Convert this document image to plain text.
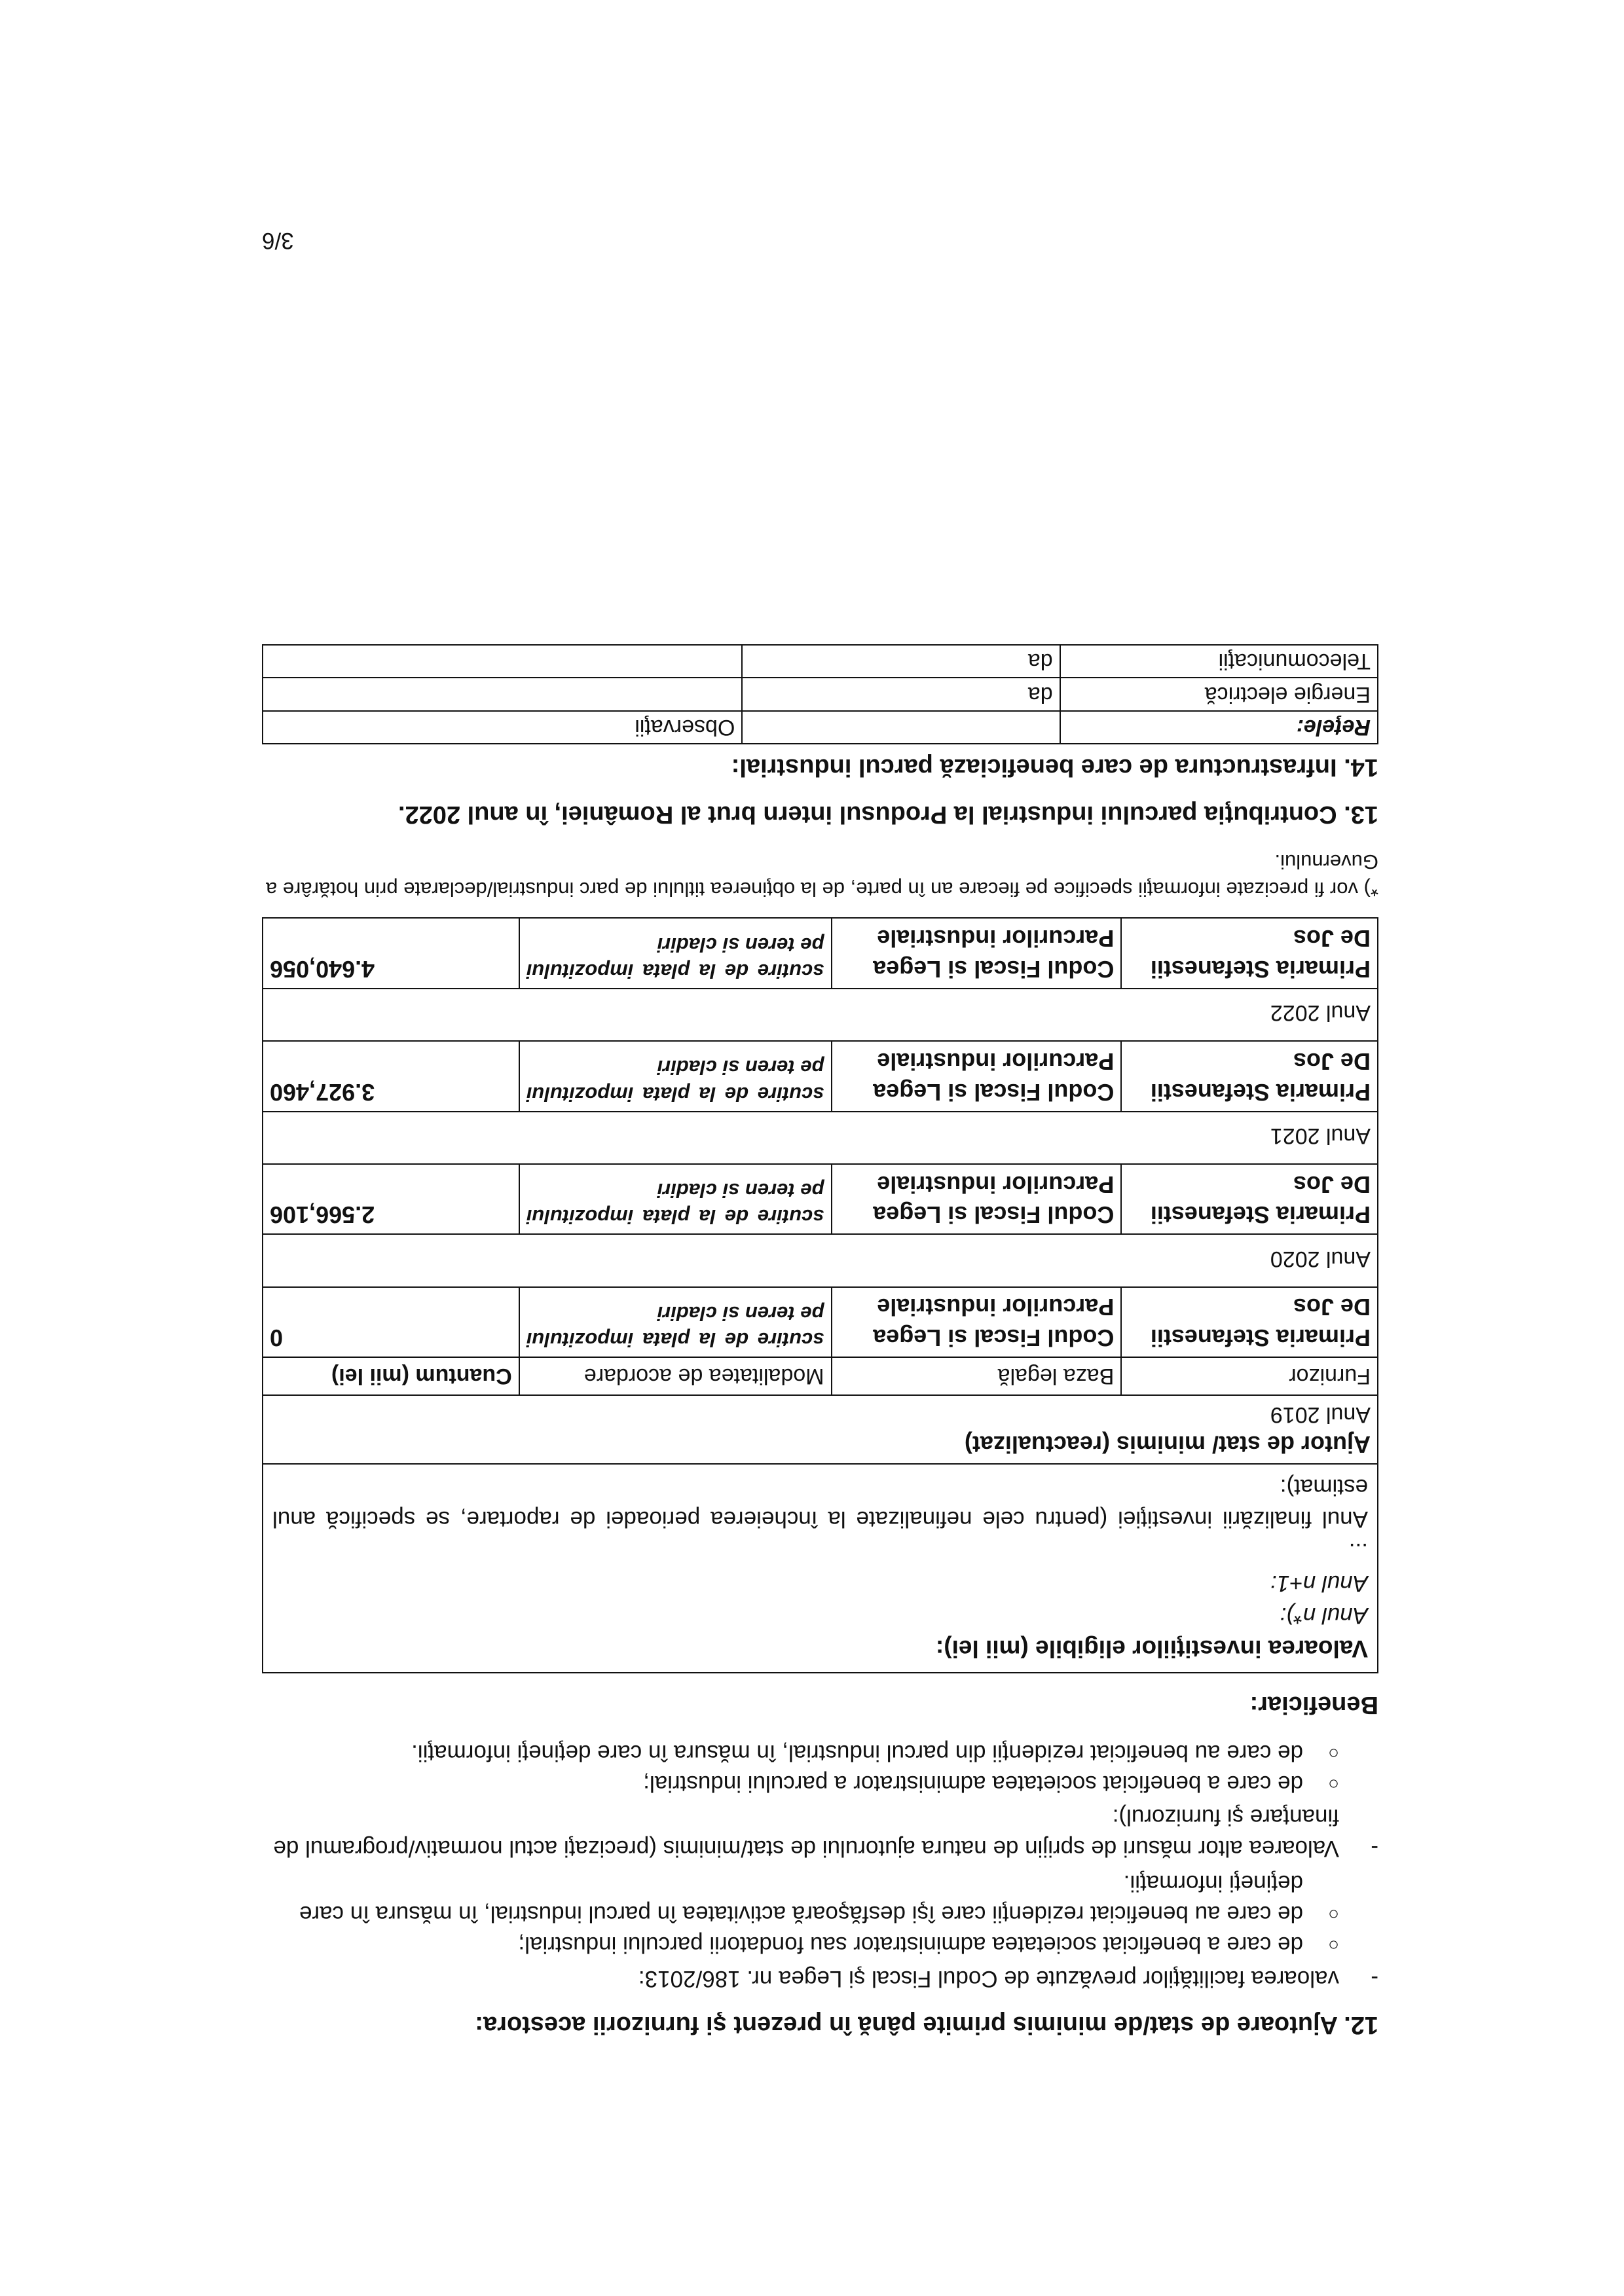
12. Ajutoare de stat/de minimis primite până în prezent şi furnizorii acestora:
-
valoarea facilităţilor prevăzute de Codul Fiscal şi Legea nr. 186/2013:
○
de care a beneficiat societatea administrator sau fondatorii parcului industrial;
○
de care au beneficiat rezidenţii care îşi desfăşoară activitatea în parcul industrial, în măsura în care deţineţi informaţii.
-
Valoarea altor măsuri de sprijin de natura ajutorului de stat/minimis (precizaţi actul normativ/programul de finanţare şi furnizorul):
○
de care a beneficiat societatea administrator a parcului industrial;
○
de care au beneficiat rezidenţii din parcul industrial, în măsura în care deţineţi informaţii.
Beneficiar:
Valoarea investiţiilor eligibile (mii lei):
Anul n*):
Anul n+1:
...
Anul finalizării investiţiei (pentru cele nefinalizate la încheierea perioadei de raportare, se specifică anul estimat):
Ajutor de stat/ minimis (reactualizat)
Anul 2019			

Furnizor	Baza legală	Modalitatea de acordare	Cuantum (mii lei)
Primaria Stefanestii De Jos	Codul Fiscal si Legea Parcurilor industriale	scutire de la plata impozitului pe teren si cladiri	0
Anul 2020			
Primaria Stefanestii De Jos	Codul Fiscal si Legea Parcurilor industriale	scutire de la plata impozitului pe teren si cladiri	2.566,106
Anul 2021			
Primaria Stefanestii De Jos	Codul Fiscal si Legea Parcurilor industriale	scutire de la plata impozitului pe teren si cladiri	3.927,460
Anul 2022			
Primaria Stefanestii De Jos	Codul Fiscal si Legea Parcurilor industriale	scutire de la plata impozitului pe teren si cladiri	4.640,056
*) vor fi precizate informaţii specifice pe fiecare an în parte, de la obţinerea titlului de parc industrial/declarate prin hotărâre a Guvernului.
13. Contribuţia parcului industrial la Produsul intern brut al României, în anul 2022.
14. Infrastructura de care beneficiază parcul industrial:
Reţele:		Observaţii
Energie electrică	da	
Telecomunicaţii	da	
3/6
